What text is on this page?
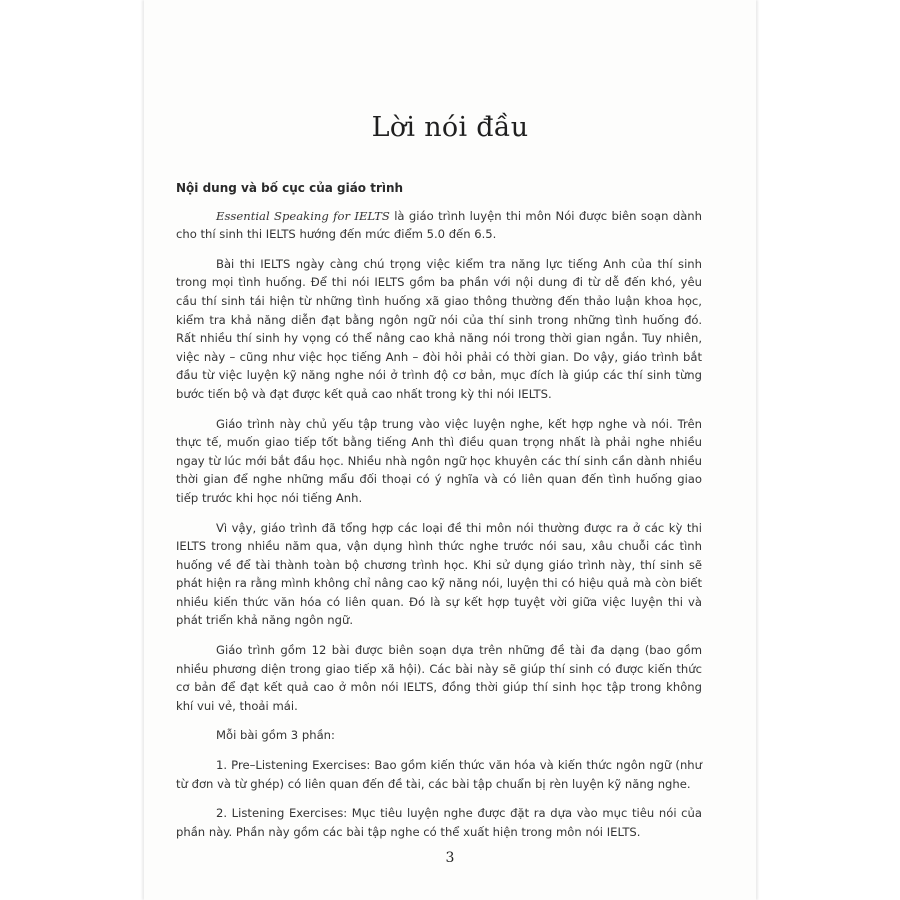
Lời nói đầu
Nội dung và bố cục của giáo trình

Essential Speaking for IELTS là giáo trình luyện thi môn Nói được biên soạn dành cho thí sinh thi IELTS hướng đến mức điểm 5.0 đến 6.5.

Bài thi IELTS ngày càng chú trọng việc kiểm tra năng lực tiếng Anh của thí sinh trong mọi tình huống. Để thi nói IELTS gồm ba phần với nội dung đi từ dễ đến khó, yêu cầu thí sinh tái hiện từ những tình huống xã giao thông thường đến thảo luận khoa học, kiểm tra khả năng diễn đạt bằng ngôn ngữ nói của thí sinh trong những tình huống đó. Rất nhiều thí sinh hy vọng có thể nâng cao khả năng nói trong thời gian ngắn. Tuy nhiên, việc này – cũng như việc học tiếng Anh – đòi hỏi phải có thời gian. Do vậy, giáo trình bắt đầu từ việc luyện kỹ năng nghe nói ở trình độ cơ bản, mục đích là giúp các thí sinh từng bước tiến bộ và đạt được kết quả cao nhất trong kỳ thi nói IELTS.

Giáo trình này chủ yếu tập trung vào việc luyện nghe, kết hợp nghe và nói. Trên thực tế, muốn giao tiếp tốt bằng tiếng Anh thì điều quan trọng nhất là phải nghe nhiều ngay từ lúc mới bắt đầu học. Nhiều nhà ngôn ngữ học khuyên các thí sinh cần dành nhiều thời gian để nghe những mẩu đối thoại có ý nghĩa và có liên quan đến tình huống giao tiếp trước khi học nói tiếng Anh.

Vì vậy, giáo trình đã tổng hợp các loại đề thi môn nói thường được ra ở các kỳ thi IELTS trong nhiều năm qua, vận dụng hình thức nghe trước nói sau, xâu chuỗi các tình huống về để tài thành toàn bộ chương trình học. Khi sử dụng giáo trình này, thí sinh sẽ phát hiện ra rằng mình không chỉ nâng cao kỹ năng nói, luyện thi có hiệu quả mà còn biết nhiều kiến thức văn hóa có liên quan. Đó là sự kết hợp tuyệt vời giữa việc luyện thi và phát triển khả năng ngôn ngữ.

Giáo trình gồm 12 bài được biên soạn dựa trên những đề tài đa dạng (bao gồm nhiều phương diện trong giao tiếp xã hội). Các bài này sẽ giúp thí sinh có được kiến thức cơ bản để đạt kết quả cao ở môn nói IELTS, đồng thời giúp thí sinh học tập trong không khí vui vẻ, thoải mái.

Mỗi bài gồm 3 phần:

1. Pre–Listening Exercises: Bao gồm kiến thức văn hóa và kiến thức ngôn ngữ (như từ đơn và từ ghép) có liên quan đến đề tài, các bài tập chuẩn bị rèn luyện kỹ năng nghe.

2. Listening Exercises: Mục tiêu luyện nghe được đặt ra dựa vào mục tiêu nói của phần này. Phần này gồm các bài tập nghe có thể xuất hiện trong môn nói IELTS.

3
